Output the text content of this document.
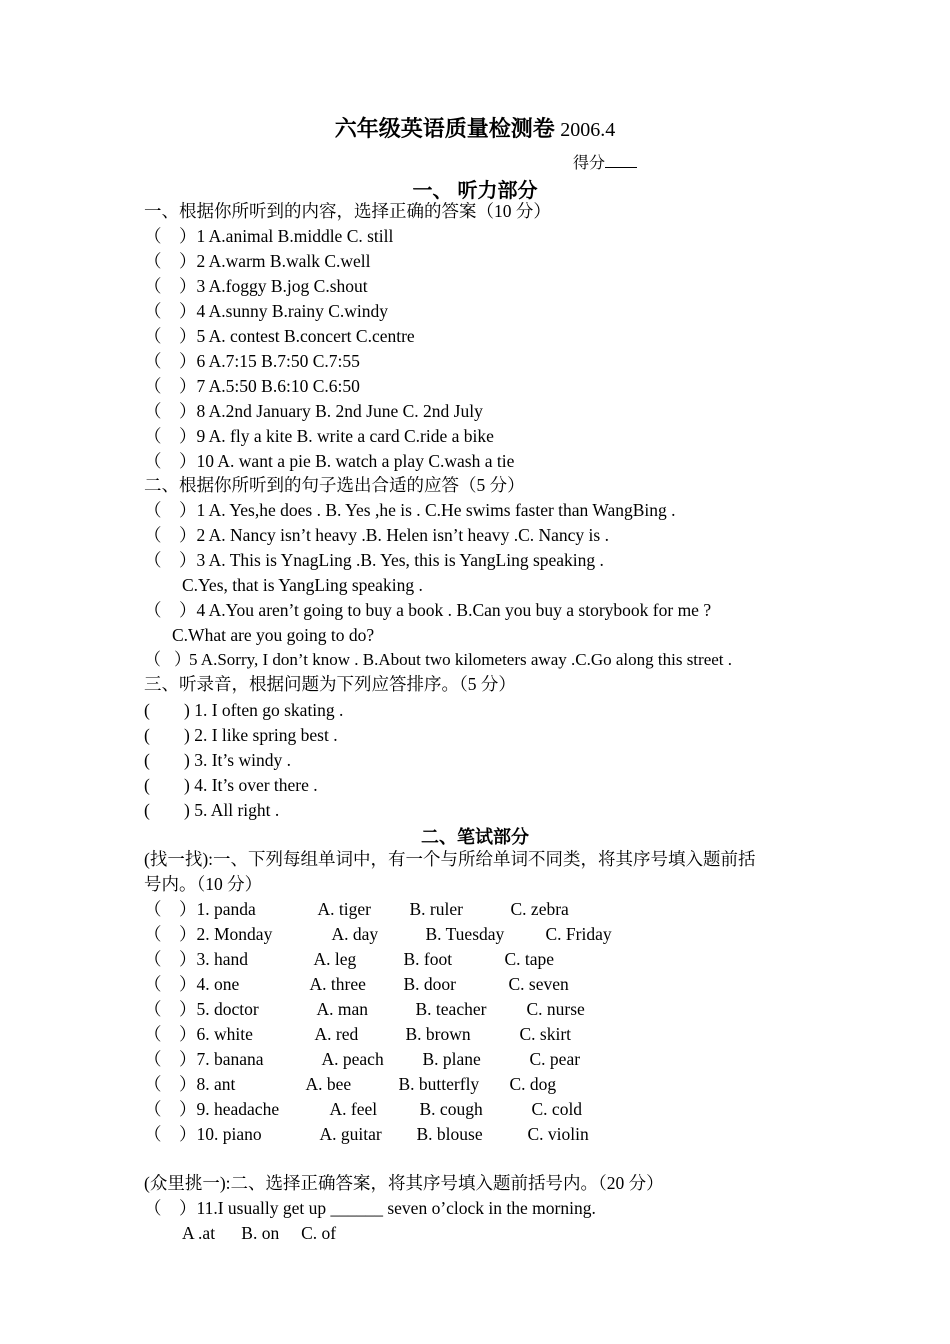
六年级英语质量检测卷 2006.4
得分
一、 听力部分
一、根据你所听到的内容，选择正确的答案（10 分）
（　）1 A.animal B.middle C. still
（　）2 A.warm B.walk C.well
（　）3 A.foggy B.jog C.shout
（　）4 A.sunny B.rainy C.windy
（　）5 A. contest B.concert C.centre
（　）6 A.7:15 B.7:50 C.7:55
（　）7 A.5:50 B.6:10 C.6:50
（　）8 A.2nd January B. 2nd June C. 2nd July
（　）9 A. fly a kite B. write a card C.ride a bike
（　）10 A. want a pie B. watch a play C.wash a tie
二、根据你所听到的句子选出合适的应答（5 分）
（　）1 A. Yes,he does . B. Yes ,he is . C.He swims faster than WangBing .
（　）2 A. Nancy isn’t heavy .B. Helen isn’t heavy .C. Nancy is .
（　）3 A. This is YnagLing .B. Yes, this is YangLing speaking .
C.Yes, that is YangLing speaking .
（　）4 A.You aren’t going to buy a book . B.Can you buy a storybook for me ?
C.What are you going to do?
（　）5 A.Sorry, I don’t know . B.About two kilometers away .C.Go along this street .
三、听录音，根据问题为下列应答排序。（5 分）
( ) 1. I often go skating .
( ) 2. I like spring best .
( ) 3. It’s windy .
( ) 4. It’s over there .
( ) 5. All right .
二、笔试部分
(找一找):一、下列每组单词中，有一个与所给单词不同类，将其序号填入题前括
号内。（10 分）
（　）1. panda	A. tiger B. ruler	C. zebra
（　）2. Monday	A. day	B. Tuesday C. Friday
（　）3. hand	A. leg	B. foot	C. tape
（　）4. one	A. three B. door	C. seven
（　）5. doctor	A. man	B. teacher C. nurse
（　）6. white	A. red	B. brown	C. skirt
（　）7. banana	A. peach B. plane	C. pear
（　）8. ant	A. bee	B. butterfly C. dog
（　）9. headache	A. feel B. cough	C. cold
（　）10. piano	A. guitar B. blouse	C. violin
(众里挑一):二、选择正确答案，将其序号填入题前括号内。（20 分）
（　）11.I usually get up ______ seven o’clock in the morning.
A .at      B. on     C. of
